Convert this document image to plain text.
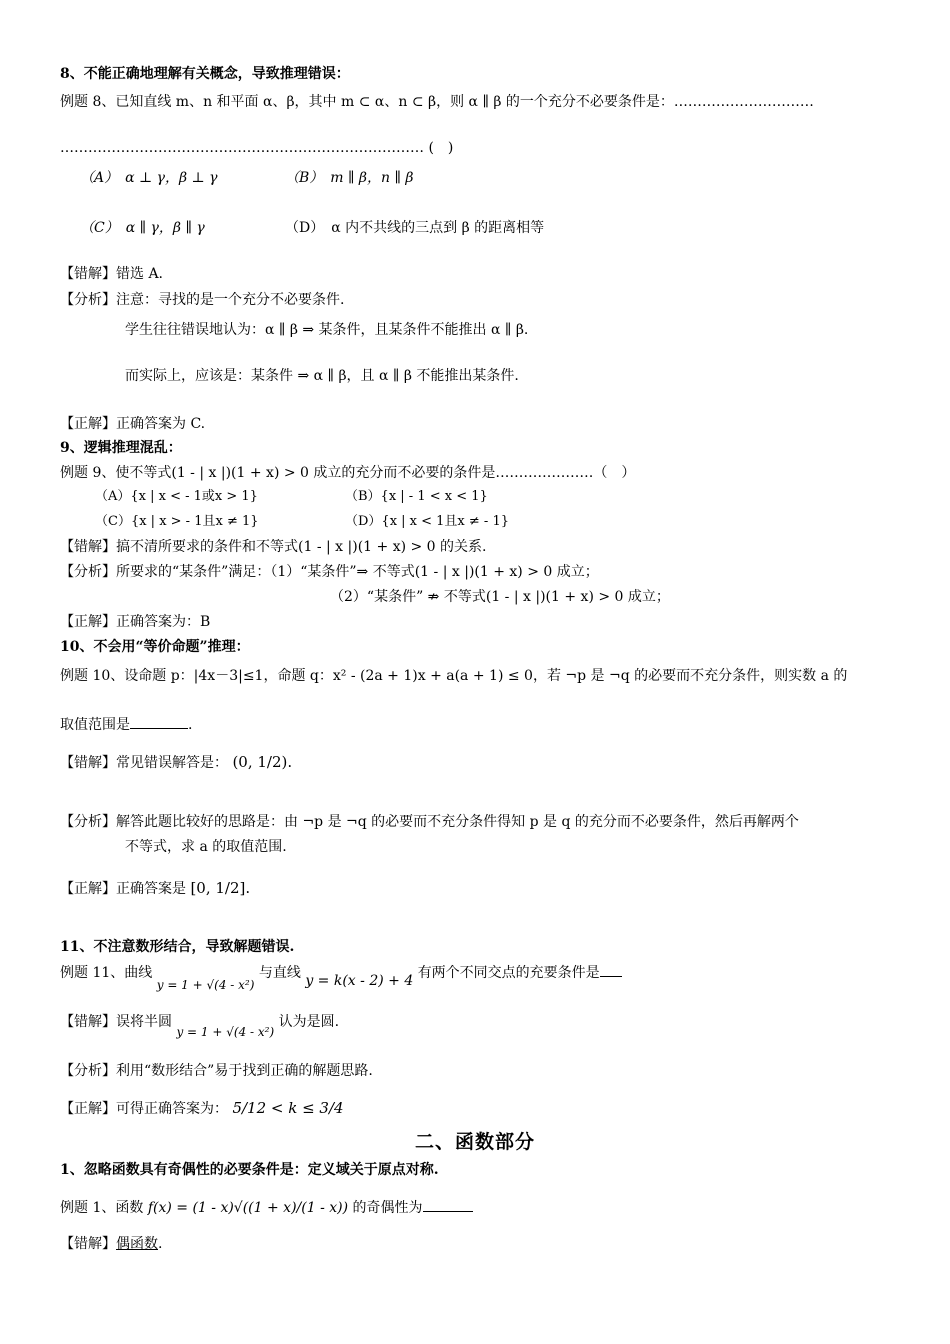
8、不能正确地理解有关概念，导致推理错误：
例题 8、已知直线 m、n 和平面 α、β，其中 m ⊂ α、n ⊂ β，则 α ∥ β 的一个充分不必要条件是：…………………………
…………………………………………………………………… (　)
（A）　α ⊥ γ，β ⊥ γ	（B）　m ∥ β，n ∥ β
（C）　α ∥ γ，β ∥ γ	（D）　α 内不共线的三点到 β 的距离相等
【错解】错选 A.
【分析】注意：寻找的是一个充分不必要条件.
学生往往错误地认为：α ∥ β ⇒ 某条件，且某条件不能推出 α ∥ β.
而实际上，应该是：某条件 ⇒ α ∥ β，且 α ∥ β 不能推出某条件.
【正解】正确答案为 C.
9、逻辑推理混乱：
例题 9、使不等式(1 - | x |)(1 + x) > 0 成立的充分而不必要的条件是…………………（　）
（A）{x | x < - 1或x > 1}	（B）{x | - 1 < x < 1}
（C）{x | x > - 1且x ≠ 1}	（D）{x | x < 1且x ≠ - 1}
【错解】搞不清所要求的条件和不等式(1 - | x |)(1 + x) > 0 的关系.
【分析】所要求的“某条件”满足：（1）“某条件”⇒ 不等式(1 - | x |)(1 + x) > 0 成立；
（2）“某条件” ⇏ 不等式(1 - | x |)(1 + x) > 0 成立；
【正解】正确答案为：B
10、不会用“等价命题”推理：
例题 10、设命题 p：|4x－3|≤1，命题 q：x² - (2a + 1)x + a(a + 1) ≤ 0，若 ¬p 是 ¬q 的必要而不充分条件，则实数 a 的
取值范围是	.
【错解】常见错误解答是： (0, 1/2).
【分析】解答此题比较好的思路是：由 ¬p 是 ¬q 的必要而不充分条件得知 p 是 q 的充分而不必要条件，然后再解两个
不等式，求 a 的取值范围.
【正解】正确答案是 [0, 1/2].
11、不注意数形结合，导致解题错误.
例题 11、曲线 y = 1 + √(4 - x²) 与直线 y = k(x - 2) + 4 有两个不同交点的充要条件是
【错解】误将半圆 y = 1 + √(4 - x²) 认为是圆.
【分析】利用“数形结合”易于找到正确的解题思路.
【正解】可得正确答案为： 5/12 < k ≤ 3/4
二、函数部分
1、忽略函数具有奇偶性的必要条件是：定义域关于原点对称.
例题 1、函数 f(x) = (1 - x)√((1 + x)/(1 - x)) 的奇偶性为
【错解】偶函数.
